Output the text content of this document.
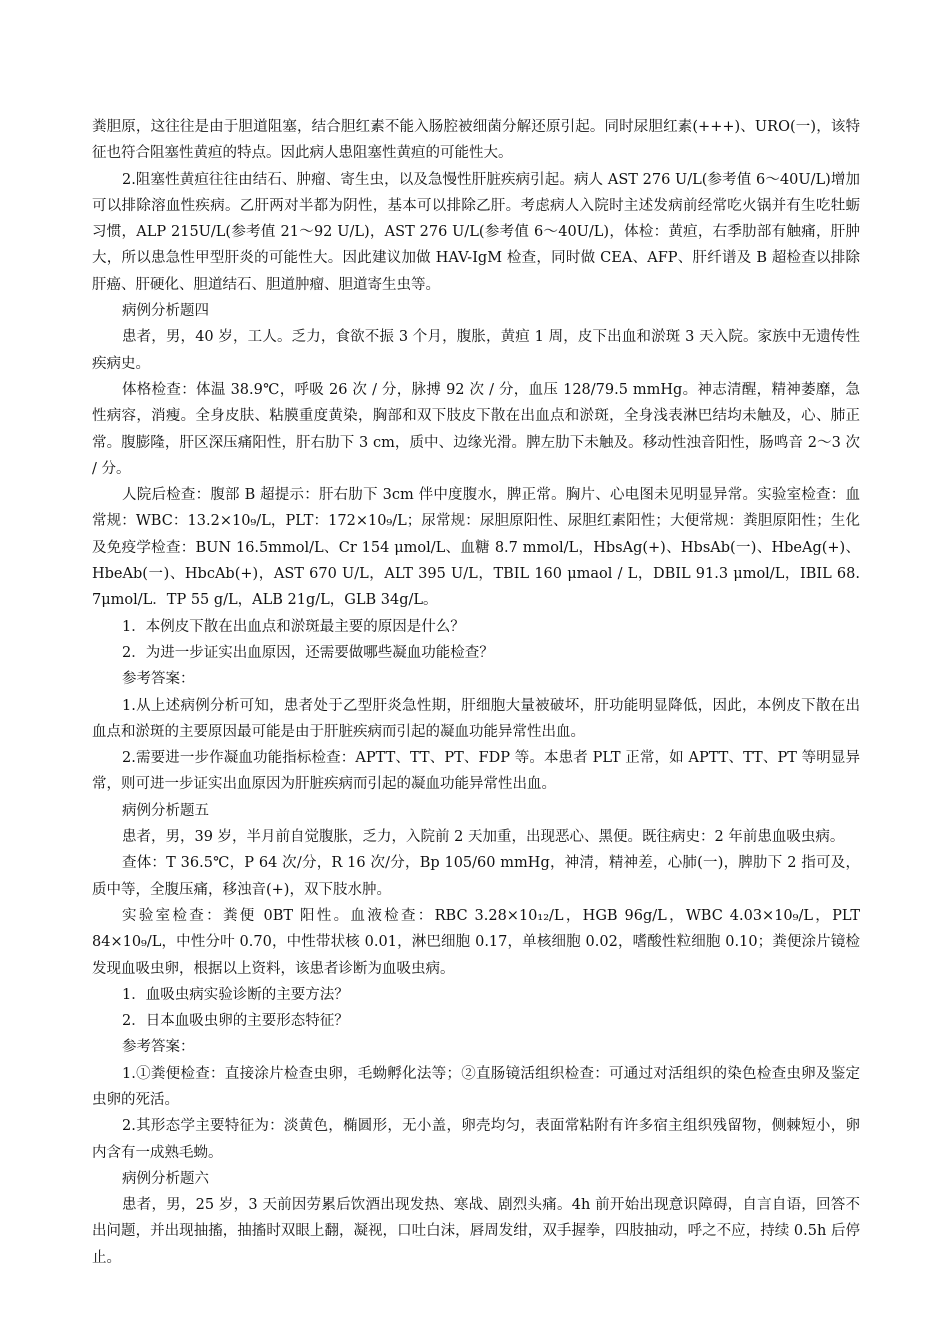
粪胆原，这往往是由于胆道阻塞，结合胆红素不能入肠腔被细菌分解还原引起。同时尿胆红素(+++)、URO(一)，该特征也符合阻塞性黄疸的特点。因此病人患阻塞性黄疸的可能性大。

2.阻塞性黄疸往往由结石、肿瘤、寄生虫，以及急慢性肝脏疾病引起。病人 AST 276 U/L(参考值 6～40U/L)增加可以排除溶血性疾病。乙肝两对半都为阴性，基本可以排除乙肝。考虑病人入院时主述发病前经常吃火锅并有生吃牡蛎习惯，ALP 215U/L(参考值 21～92 U/L)，AST 276 U/L(参考值 6～40U/L)，体检：黄疸，右季肋部有触痛，肝肿大，所以患急性甲型肝炎的可能性大。因此建议加做 HAV-IgM 检查，同时做 CEA、AFP、肝纤谱及 B 超检查以排除肝癌、肝硬化、胆道结石、胆道肿瘤、胆道寄生虫等。

病例分析题四

患者，男，40 岁，工人。乏力，食欲不振 3 个月，腹胀，黄疸 1 周，皮下出血和淤斑 3 天入院。家族中无遗传性疾病史。

体格检查：体温 38.9℃，呼吸 26 次 / 分，脉搏 92 次 / 分，血压 128/79.5 mmHg。神志清醒，精神萎靡，急性病容，消瘦。全身皮肤、粘膜重度黄染，胸部和双下肢皮下散在出血点和淤斑，全身浅表淋巴结均未触及，心、肺正常。腹膨隆，肝区深压痛阳性，肝右肋下 3 cm，质中、边缘光滑。脾左肋下未触及。移动性浊音阳性，肠鸣音 2～3 次 / 分。

人院后检查：腹部 B 超提示：肝右肋下 3cm 伴中度腹水，脾正常。胸片、心电图未见明显异常。实验室检查：血常规：WBC：13.2×10₉/L，PLT：172×10₉/L；尿常规：尿胆原阳性、尿胆红素阳性；大便常规：粪胆原阳性；生化及免疫学检查：BUN 16.5mmol/L、Cr 154 μmol/L、血糖 8.7 mmol/L，HbsAg(+)、HbsAb(一)、HbeAg(+)、HbeAb(一)、HbcAb(+)，AST 670 U/L，ALT 395 U/L，TBIL 160 μmaol / L，DBIL 91.3 μmol/L，IBIL 68. 7μmol/L．TP 55 g/L，ALB 21g/L，GLB 34g/L。

1．本例皮下散在出血点和淤斑最主要的原因是什么？

2．为进一步证实出血原因，还需要做哪些凝血功能检查？

参考答案：

1.从上述病例分析可知，患者处于乙型肝炎急性期，肝细胞大量被破坏，肝功能明显降低，因此，本例皮下散在出血点和淤斑的主要原因最可能是由于肝脏疾病而引起的凝血功能异常性出血。

2.需要进一步作凝血功能指标检查：APTT、TT、PT、FDP 等。本患者 PLT 正常，如 APTT、TT、PT 等明显异常，则可进一步证实出血原因为肝脏疾病而引起的凝血功能异常性出血。

病例分析题五

患者，男，39 岁，半月前自觉腹胀，乏力，入院前 2 天加重，出现恶心、黑便。既往病史：2 年前患血吸虫病。

查体：T 36.5℃，P 64 次/分，R 16 次/分，Bp 105/60 mmHg，神清，精神差，心肺(一)，脾肋下 2 指可及，质中等，全腹压痛，移浊音(+)，双下肢水肿。

实验室检查：粪便 0BT 阳性。血液检查：RBC 3.28×10₁₂/L，HGB 96g/L，WBC 4.03×10₉/L，PLT 84×10₉/L，中性分叶 0.70，中性带状核 0.01，淋巴细胞 0.17，单核细胞 0.02，嗜酸性粒细胞 0.10；粪便涂片镜检发现血吸虫卵，根据以上资料，该患者诊断为血吸虫病。

1．血吸虫病实验诊断的主要方法？

2．日本血吸虫卵的主要形态特征？

参考答案：

1.①粪便检查：直接涂片检查虫卵，毛蚴孵化法等；②直肠镜活组织检查：可通过对活组织的染色检查虫卵及鉴定虫卵的死活。

2.其形态学主要特征为：淡黄色，椭圆形，无小盖，卵壳均匀，表面常粘附有许多宿主组织残留物，侧棘短小，卵内含有一成熟毛蚴。

病例分析题六

患者，男，25 岁，3 天前因劳累后饮酒出现发热、寒战、剧烈头痛。4h 前开始出现意识障碍，自言自语，回答不出问题，并出现抽搐，抽搐时双眼上翻，凝视，口吐白沫，唇周发绀，双手握拳，四肢抽动，呼之不应，持续 0.5h 后停止。
